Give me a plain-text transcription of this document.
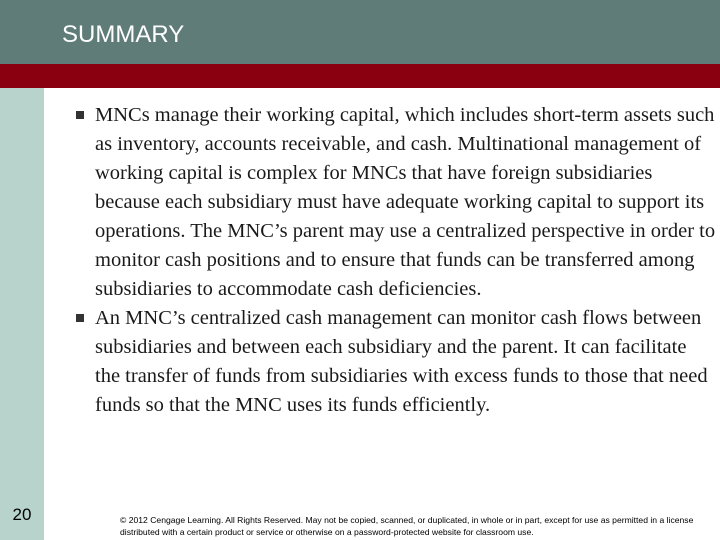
SUMMARY
20

MNCs manage their working capital, which includes short-term assets such as inventory, accounts receivable, and cash. Multinational management of working capital is complex for MNCs that have foreign subsidiaries because each subsidiary must have adequate working capital to support its operations. The MNC’s parent may use a centralized perspective in order to monitor cash positions and to ensure that funds can be transferred among subsidiaries to accommodate cash deficiencies.

An MNC’s centralized cash management can monitor cash flows between subsidiaries and between each subsidiary and the parent. It can facilitate the transfer of funds from subsidiaries with excess funds to those that need funds so that the MNC uses its funds efficiently.

© 2012 Cengage Learning. All Rights Reserved. May not be copied, scanned, or duplicated, in whole or in part, except for use as permitted in a license distributed with a certain product or service or otherwise on a password-protected website for classroom use.
